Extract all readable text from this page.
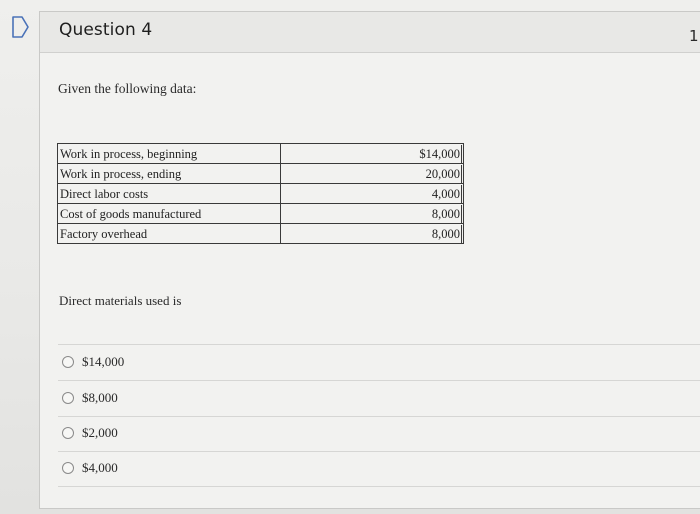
Question 4	1
Given the following data:
Work in process, beginning	$14,000
Work in process, ending	20,000
Direct labor costs	4,000
Cost of goods manufactured	8,000
Factory overhead	8,000
Direct materials used is
$14,000
$8,000
$2,000
$4,000
